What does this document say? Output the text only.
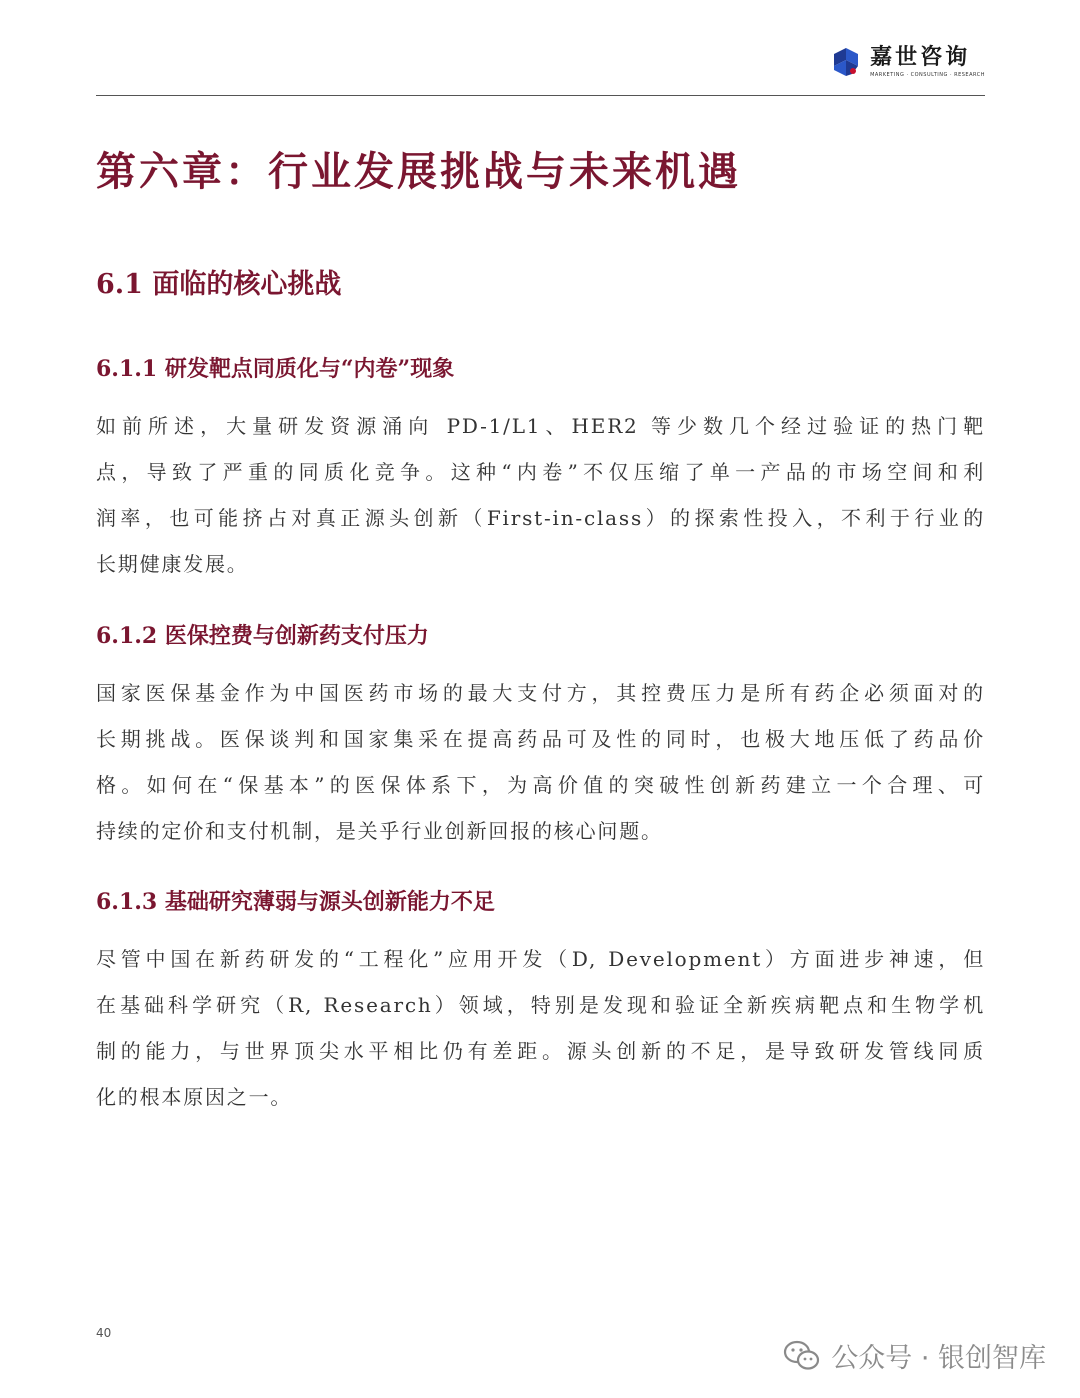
嘉世咨询
MARKETING · CONSULTING · RESEARCH
第六章：行业发展挑战与未来机遇
6.1 面临的核心挑战
6.1.1 研发靶点同质化与“内卷”现象
如前所述，大量研发资源涌向 PD-1/L1、HER2 等少数几个经过验证的热门靶
点，导致了严重的同质化竞争。这种“内卷”不仅压缩了单一产品的市场空间和利
润率，也可能挤占对真正源头创新（First-in-class）的探索性投入，不利于行业的
长期健康发展。
6.1.2 医保控费与创新药支付压力
国家医保基金作为中国医药市场的最大支付方，其控费压力是所有药企必须面对的
长期挑战。医保谈判和国家集采在提高药品可及性的同时，也极大地压低了药品价
格。如何在“保基本”的医保体系下，为高价值的突破性创新药建立一个合理、可
持续的定价和支付机制，是关乎行业创新回报的核心问题。
6.1.3 基础研究薄弱与源头创新能力不足
尽管中国在新药研发的“工程化”应用开发（D, Development）方面进步神速，但
在基础科学研究（R, Research）领域，特别是发现和验证全新疾病靶点和生物学机
制的能力，与世界顶尖水平相比仍有差距。源头创新的不足，是导致研发管线同质
化的根本原因之一。
40
公众号 · 银创智库
